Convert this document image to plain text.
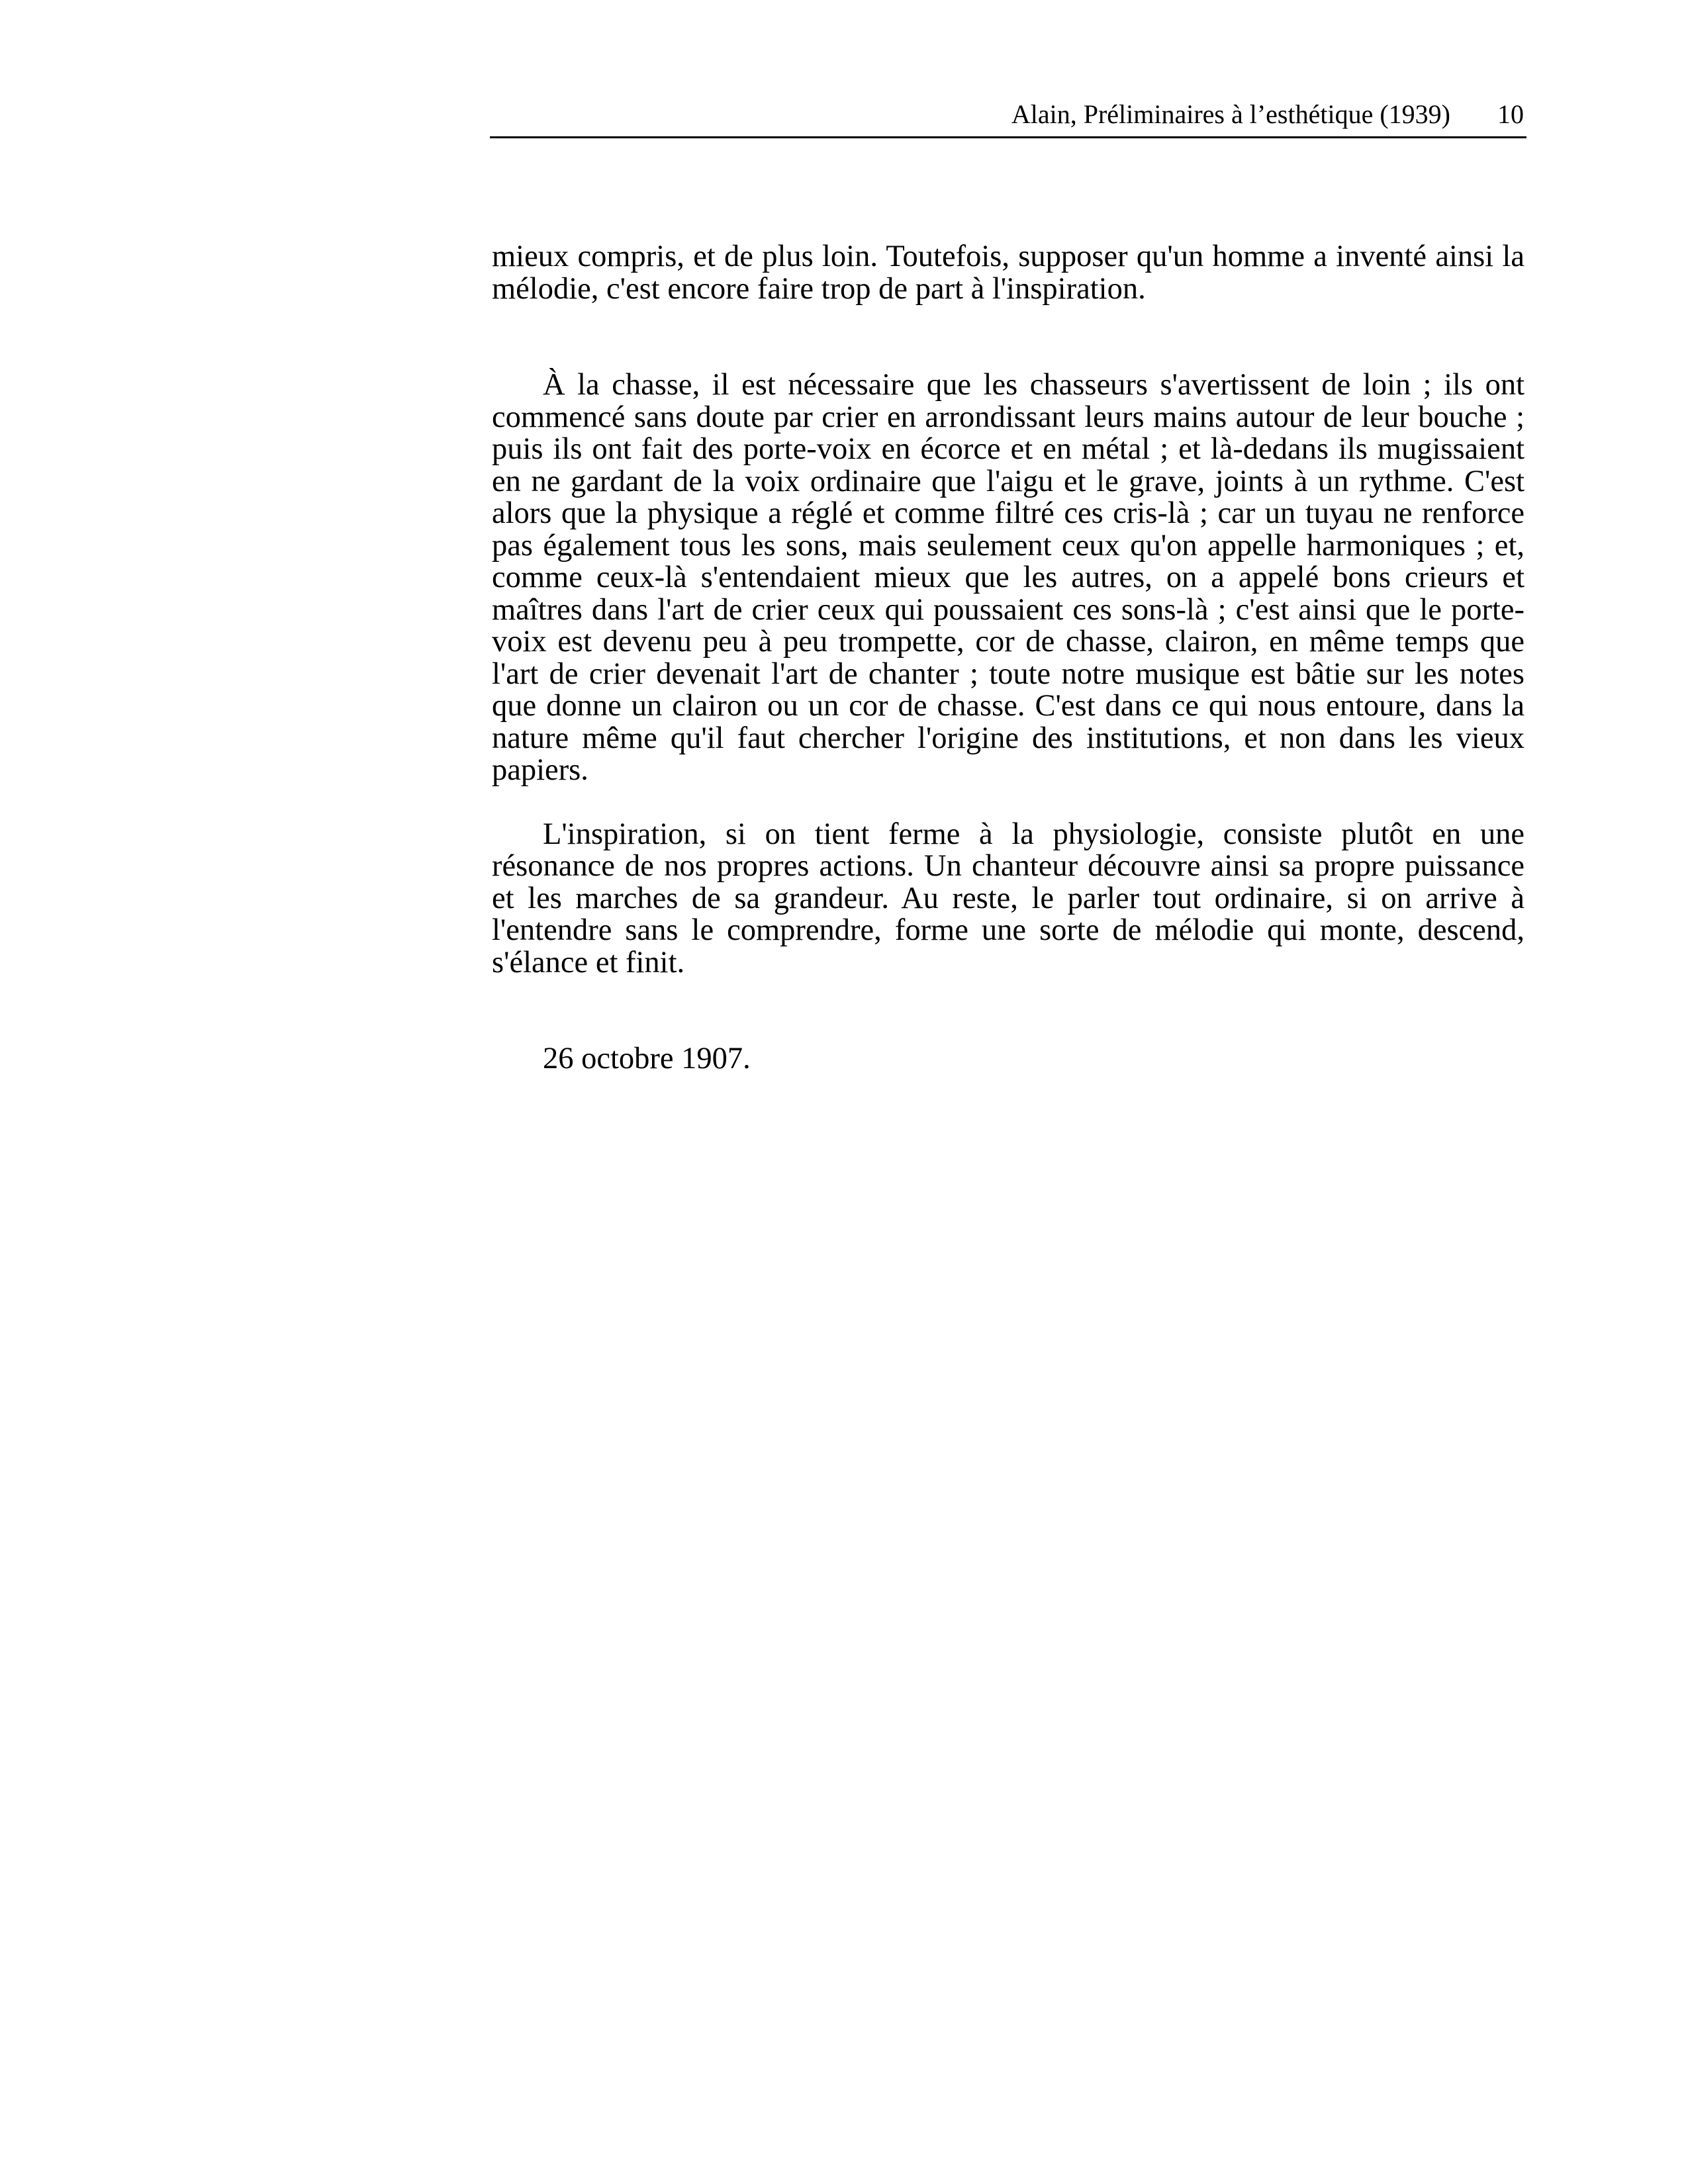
Alain, Préliminaires à l’esthétique (1939) 10

mieux compris, et de plus loin. Toutefois, supposer qu'un homme a inventé ainsi la mélodie, c'est encore faire trop de part à l'inspiration.

À la chasse, il est nécessaire que les chasseurs s'avertissent de loin ; ils ont commencé sans doute par crier en arrondissant leurs mains autour de leur bouche ; puis ils ont fait des porte-voix en écorce et en métal ; et là-dedans ils mugissaient en ne gardant de la voix ordinaire que l'aigu et le grave, joints à un rythme. C'est alors que la physique a réglé et comme filtré ces cris-là ; car un tuyau ne renforce pas également tous les sons, mais seulement ceux qu'on appelle harmoniques ; et, comme ceux-là s'entendaient mieux que les autres, on a appelé bons crieurs et maîtres dans l'art de crier ceux qui poussaient ces sons-là ; c'est ainsi que le porte-voix est devenu peu à peu trompette, cor de chasse, clairon, en même temps que l'art de crier devenait l'art de chanter ; toute notre musique est bâtie sur les notes que donne un clairon ou un cor de chasse. C'est dans ce qui nous entoure, dans la nature même qu'il faut chercher l'origine des institutions, et non dans les vieux papiers.

L'inspiration, si on tient ferme à la physiologie, consiste plutôt en une résonance de nos propres actions. Un chanteur découvre ainsi sa propre puissance et les marches de sa grandeur. Au reste, le parler tout ordinaire, si on arrive à l'entendre sans le comprendre, forme une sorte de mélodie qui monte, descend, s'élance et finit.

26 octobre 1907.
